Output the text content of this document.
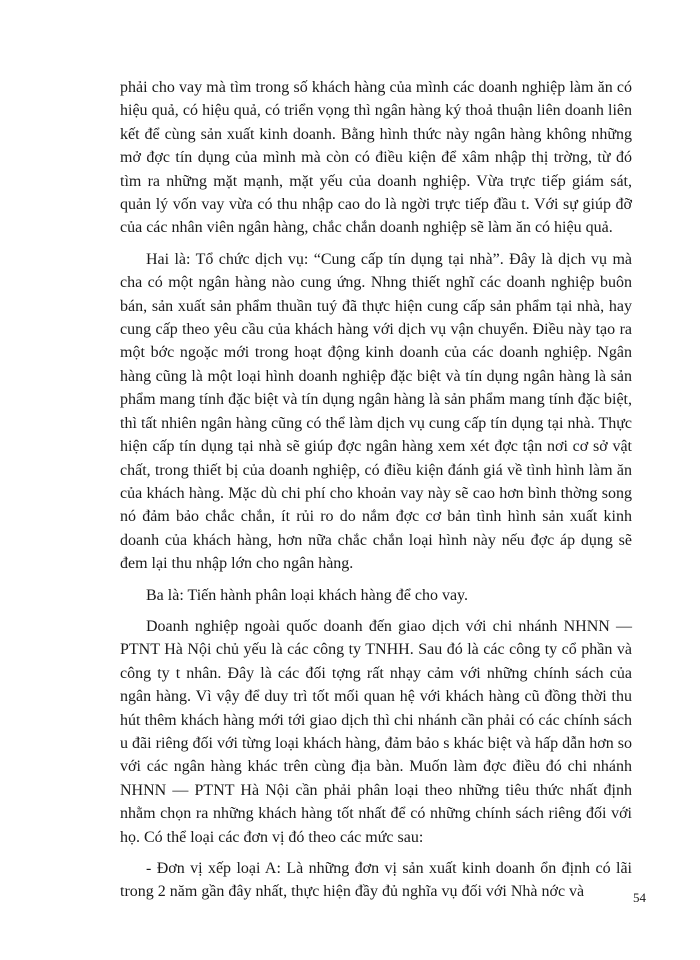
phải cho vay mà tìm trong số khách hàng của mình các doanh nghiệp làm ăn có hiệu quả, có hiệu quả, có triển vọng thì ngân hàng ký thoả thuận liên doanh liên kết để cùng sản xuất kinh doanh. Bằng hình thức này ngân hàng không những mở đợc tín dụng của mình mà còn có điều kiện để xâm nhập thị trờng, từ đó tìm ra những mặt mạnh, mặt yếu của doanh nghiệp. Vừa trực tiếp giám sát, quản lý vốn vay vừa có thu nhập cao do là ngời trực tiếp đầu t. Với sự giúp đỡ của các nhân viên ngân hàng, chắc chắn doanh nghiệp sẽ làm ăn có hiệu quả.

Hai là: Tổ chức dịch vụ: “Cung cấp tín dụng tại nhà”. Đây là dịch vụ mà cha có một ngân hàng nào cung ứng. Nhng thiết nghĩ các doanh nghiệp buôn bán, sản xuất sản phẩm thuần tuý đã thực hiện cung cấp sản phẩm tại nhà, hay cung cấp theo yêu cầu của khách hàng với dịch vụ vận chuyển. Điều này tạo ra một bớc ngoặc mới trong hoạt động kinh doanh của các doanh nghiệp. Ngân hàng cũng là một loại hình doanh nghiệp đặc biệt và tín dụng ngân hàng là sản phẩm mang tính đặc biệt và tín dụng ngân hàng là sản phẩm mang tính đặc biệt, thì tất nhiên ngân hàng cũng có thể làm dịch vụ cung cấp tín dụng tại nhà. Thực hiện cấp tín dụng tại nhà sẽ giúp đợc ngân hàng xem xét đợc tận nơi cơ sở vật chất, trong thiết bị của doanh nghiệp, có điều kiện đánh giá về tình hình làm ăn của khách hàng. Mặc dù chi phí cho khoản vay này sẽ cao hơn bình thờng song nó đảm bảo chắc chắn, ít rủi ro do nắm đợc cơ bản tình hình sản xuất kinh doanh của khách hàng, hơn nữa chắc chắn loại hình này nếu đợc áp dụng sẽ đem lại thu nhập lớn cho ngân hàng.

Ba là: Tiến hành phân loại khách hàng để cho vay.

Doanh nghiệp ngoài quốc doanh đến giao dịch với chi nhánh NHNN — PTNT Hà Nội chủ yếu là các công ty TNHH. Sau đó là các công ty cổ phần và công ty t nhân. Đây là các đối tợng rất nhạy cảm với những chính sách của ngân hàng. Vì vậy để duy trì tốt mối quan hệ với khách hàng cũ đồng thời thu hút thêm khách hàng mới tới giao dịch thì chi nhánh cần phải có các chính sách u đãi riêng đối với từng loại khách hàng, đảm bảo s khác biệt và hấp dẫn hơn so với các ngân hàng khác trên cùng địa bàn. Muốn làm đợc điều đó chi nhánh NHNN — PTNT Hà Nội cần phải phân loại theo những tiêu thức nhất định nhằm chọn ra những khách hàng tốt nhất để có những chính sách riêng đối với họ. Có thể loại các đơn vị đó theo các mức sau:

- Đơn vị xếp loại A: Là những đơn vị sản xuất kinh doanh ổn định có lãi trong 2 năm gần đây nhất, thực hiện đầy đủ nghĩa vụ đối với Nhà nớc và	54
